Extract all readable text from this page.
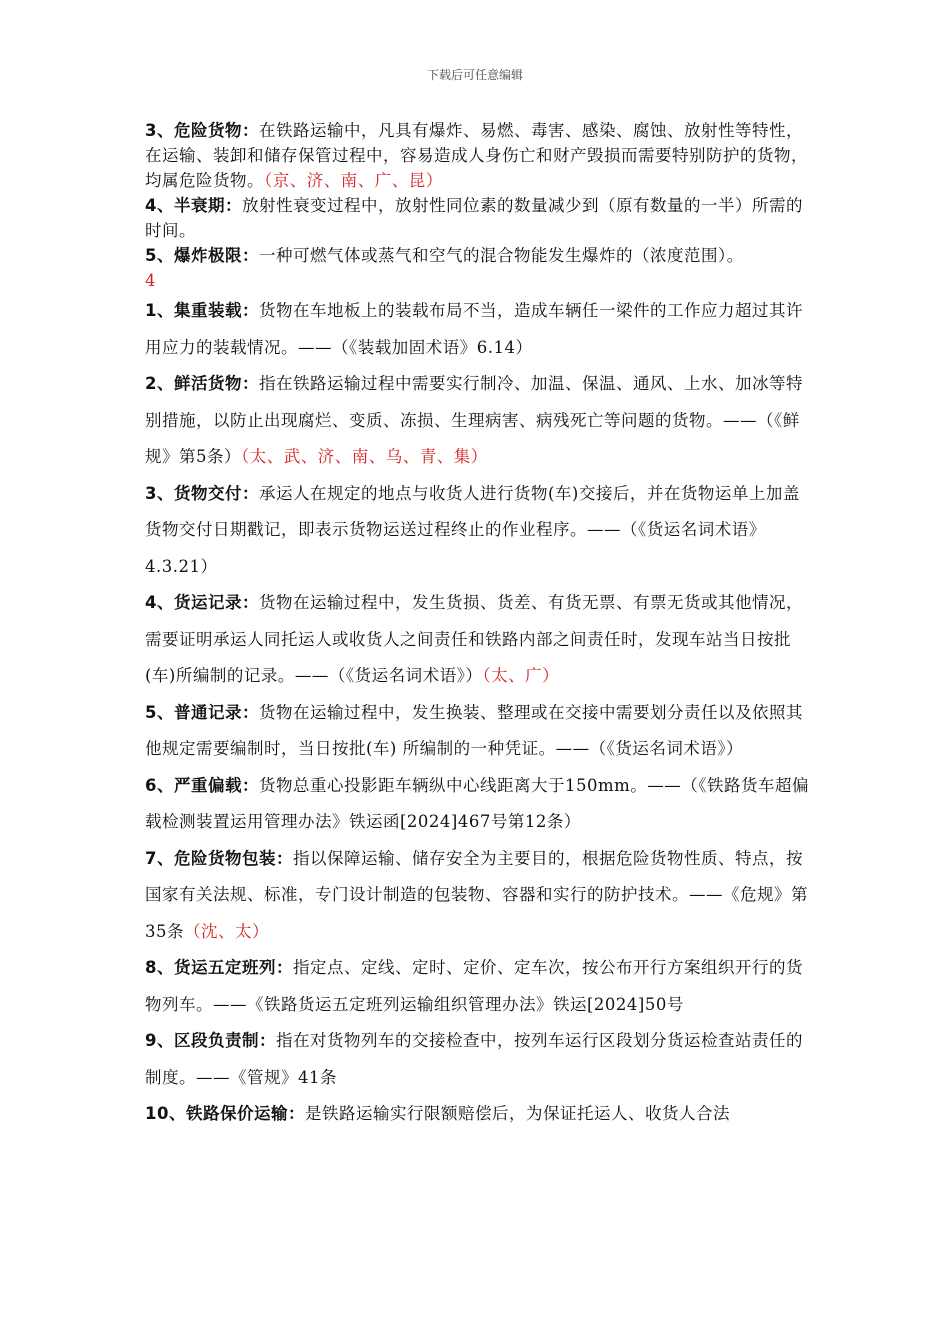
下载后可任意编辑

3、危险货物：在铁路运输中，凡具有爆炸、易燃、毒害、感染、腐蚀、放射性等特性，在运输、装卸和储存保管过程中，容易造成人身伤亡和财产毁损而需要特别防护的货物，均属危险货物。（京、济、南、广、昆）

4、半衰期：放射性衰变过程中，放射性同位素的数量减少到（原有数量的一半）所需的时间。

5、爆炸极限：一种可燃气体或蒸气和空气的混合物能发生爆炸的（浓度范围）。

4

1、集重装载：货物在车地板上的装载布局不当，造成车辆任一梁件的工作应力超过其许用应力的装载情况。——（《装载加固术语》6.14）

2、鲜活货物：指在铁路运输过程中需要实行制冷、加温、保温、通风、上水、加冰等特别措施，以防止出现腐烂、变质、冻损、生理病害、病残死亡等问题的货物。——（《鲜规》第5条）（太、武、济、南、乌、青、集）

3、货物交付：承运人在规定的地点与收货人进行货物(车)交接后，并在货物运单上加盖货物交付日期戳记，即表示货物运送过程终止的作业程序。——（《货运名词术语》4.3.21）

4、货运记录：货物在运输过程中，发生货损、货差、有货无票、有票无货或其他情况，需要证明承运人同托运人或收货人之间责任和铁路内部之间责任时，发现车站当日按批(车)所编制的记录。——（《货运名词术语》）（太、广）

5、普通记录：货物在运输过程中，发生换装、整理或在交接中需要划分责任以及依照其他规定需要编制时，当日按批(车) 所编制的一种凭证。——（《货运名词术语》）

6、严重偏载：货物总重心投影距车辆纵中心线距离大于150mm。——（《铁路货车超偏载检测装置运用管理办法》铁运函[2024]467号第12条）

7、危险货物包装：指以保障运输、储存安全为主要目的，根据危险货物性质、特点，按国家有关法规、标准，专门设计制造的包装物、容器和实行的防护技术。——《危规》第35条（沈、太）

8、货运五定班列：指定点、定线、定时、定价、定车次，按公布开行方案组织开行的货物列车。——《铁路货运五定班列运输组织管理办法》铁运[2024]50号

9、区段负责制：指在对货物列车的交接检查中，按列车运行区段划分货运检查站责任的制度。——《管规》41条

10、铁路保价运输：是铁路运输实行限额赔偿后，为保证托运人、收货人合法
